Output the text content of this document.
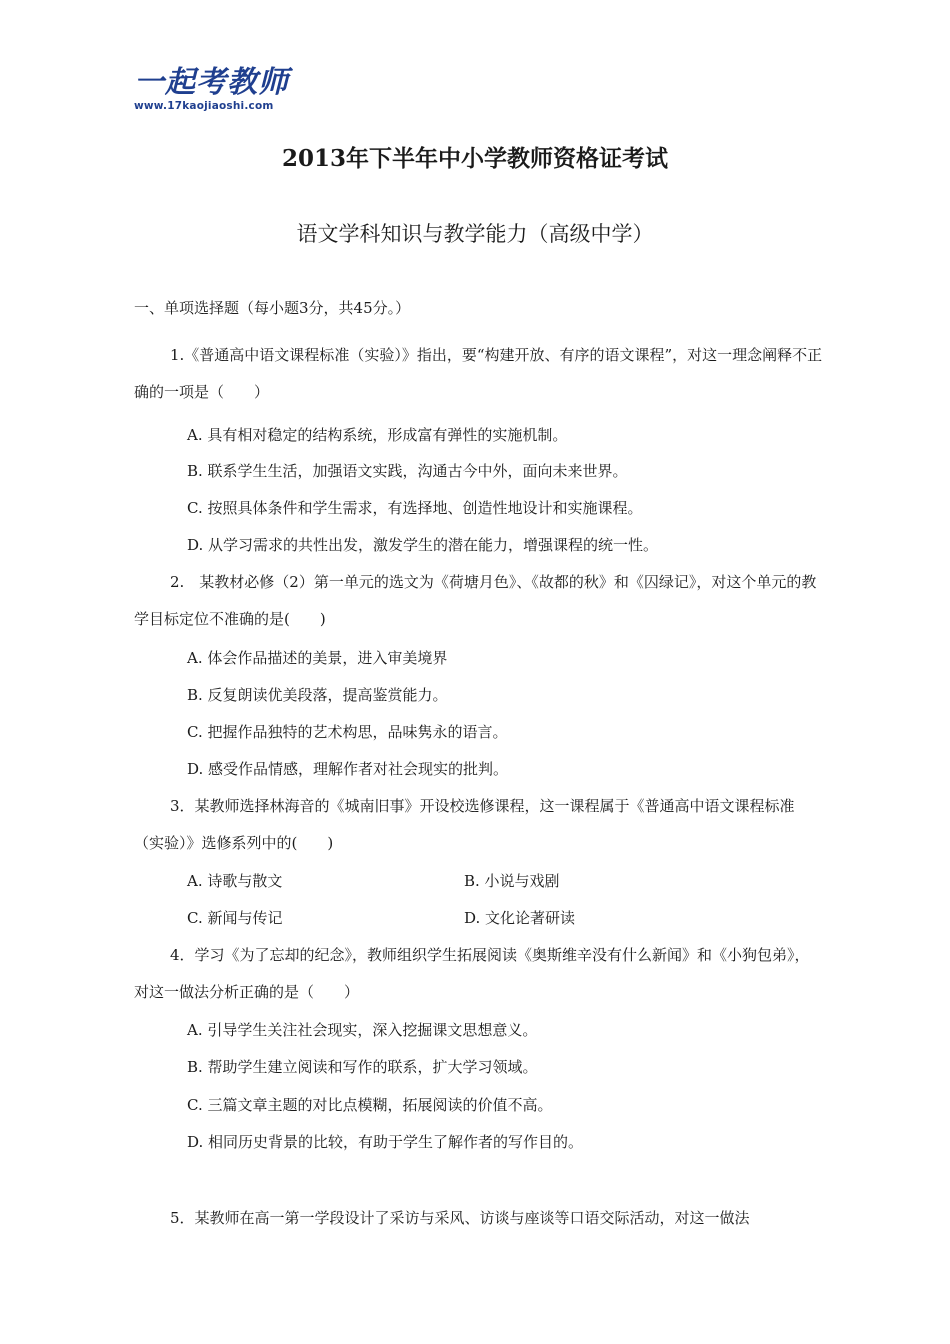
一起考教师
www.17kaojiaoshi.com
2013年下半年中小学教师资格证考试
语文学科知识与教学能力（高级中学）
一、单项选择题（每小题3分，共45分。）
1.《普通高中语文课程标准（实验）》指出，要“构建开放、有序的语文课程”，对这一理念阐释不正确的一项是（　　）
A. 具有相对稳定的结构系统，形成富有弹性的实施机制。
B. 联系学生生活，加强语文实践，沟通古今中外，面向未来世界。
C. 按照具体条件和学生需求，有选择地、创造性地设计和实施课程。
D. 从学习需求的共性出发，激发学生的潜在能力，增强课程的统一性。
2.　某教材必修（2）第一单元的选文为《荷塘月色》、《故都的秋》和《囚绿记》，对这个单元的教学目标定位不准确的是(　　)
A. 体会作品描述的美景，进入审美境界
B. 反复朗读优美段落，提高鉴赏能力。
C. 把握作品独特的艺术构思，品味隽永的语言。
D. 感受作品情感，理解作者对社会现实的批判。
3．某教师选择林海音的《城南旧事》开设校选修课程，这一课程属于《普通高中语文课程标准（实验）》选修系列中的(　　)
A. 诗歌与散文	B. 小说与戏剧
C. 新闻与传记	D. 文化论著研读
4．学习《为了忘却的纪念》，教师组织学生拓展阅读《奥斯维辛没有什么新闻》和《小狗包弟》，对这一做法分析正确的是（　　）
A. 引导学生关注社会现实，深入挖掘课文思想意义。
B. 帮助学生建立阅读和写作的联系，扩大学习领域。
C. 三篇文章主题的对比点模糊，拓展阅读的价值不高。
D. 相同历史背景的比较，有助于学生了解作者的写作目的。
5．某教师在高一第一学段设计了采访与采风、访谈与座谈等口语交际活动，对这一做法
